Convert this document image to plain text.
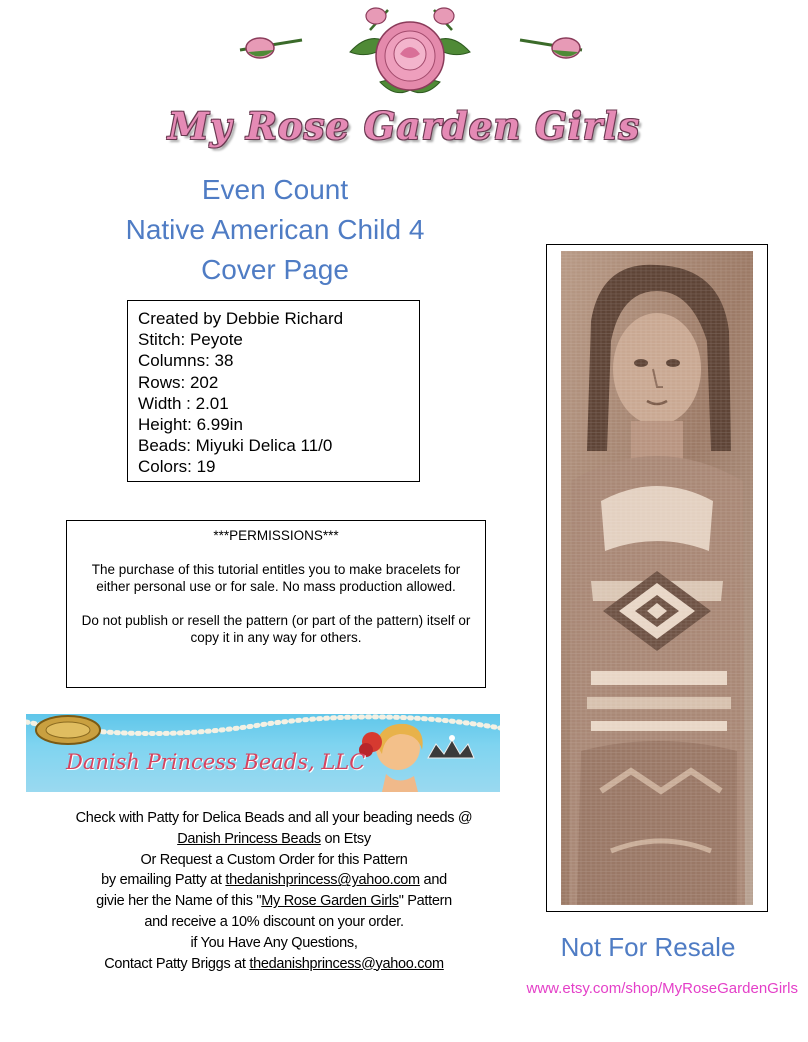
My Rose Garden Girls
Even Count
Native American Child 4
Cover Page
Created by Debbie Richard
Stitch: Peyote
Columns: 38
Rows: 202
Width : 2.01
Height: 6.99in
Beads: Miyuki Delica 11/0
Colors: 19

***PERMISSIONS***

The purchase of this tutorial entitles you to make bracelets for either personal use or for sale. No mass production allowed.

Do not publish or resell the pattern (or part of the pattern) itself or copy it in any way for others.

Danish Princess Beads, LLC
Check with Patty for Delica Beads and all your beading needs @
Danish Princess Beads on Etsy
Or Request a Custom Order for this Pattern
by emailing Patty at thedanishprincess@yahoo.com and
givie her the Name of this "My Rose Garden Girls" Pattern
and receive a 10% discount on your order.
if You Have Any Questions,
Contact Patty Briggs at thedanishprincess@yahoo.com
Not For Resale
www.etsy.com/shop/MyRoseGardenGirls
